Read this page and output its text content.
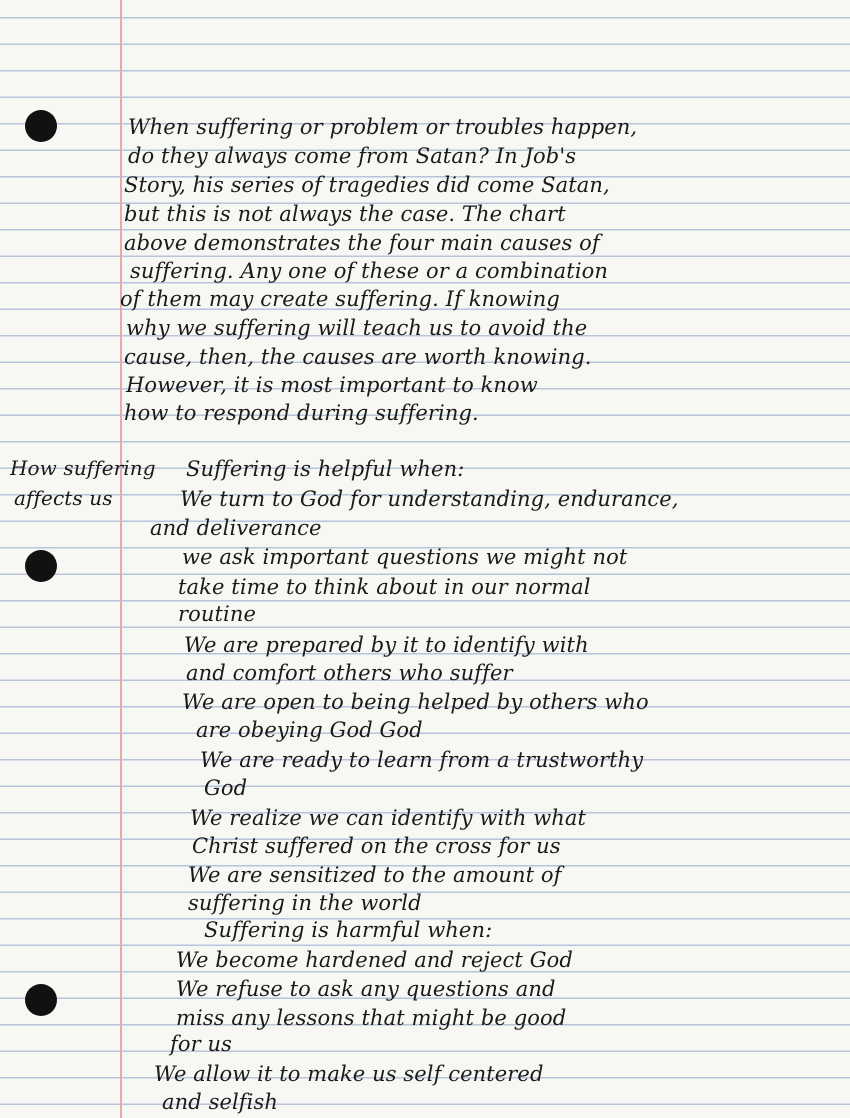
When suffering or problem or troubles happen,
do they always come from Satan? In Job's
Story, his series of tragedies did come Satan,
but this is not always the case. The chart
above demonstrates the four main causes of
suffering. Any one of these or a combination
of them may create suffering. If knowing
why we suffering will teach us to avoid the
cause, then, the causes are worth knowing.
However, it is most important to know
how to respond during suffering.
How suffering
affects us
Suffering is helpful when:
We turn to God for understanding, endurance,
and deliverance
we ask important questions we might not
take time to think about in our normal
routine
We are prepared by it to identify with
and comfort others who suffer
We are open to being helped by others who
are obeying God God
We are ready to learn from a trustworthy
God
We realize we can identify with what
Christ suffered on the cross for us
We are sensitized to the amount of
suffering in the world
Suffering is harmful when:
We become hardened and reject God
We refuse to ask any questions and
miss any lessons that might be good
for us
We allow it to make us self centered
and selfish
